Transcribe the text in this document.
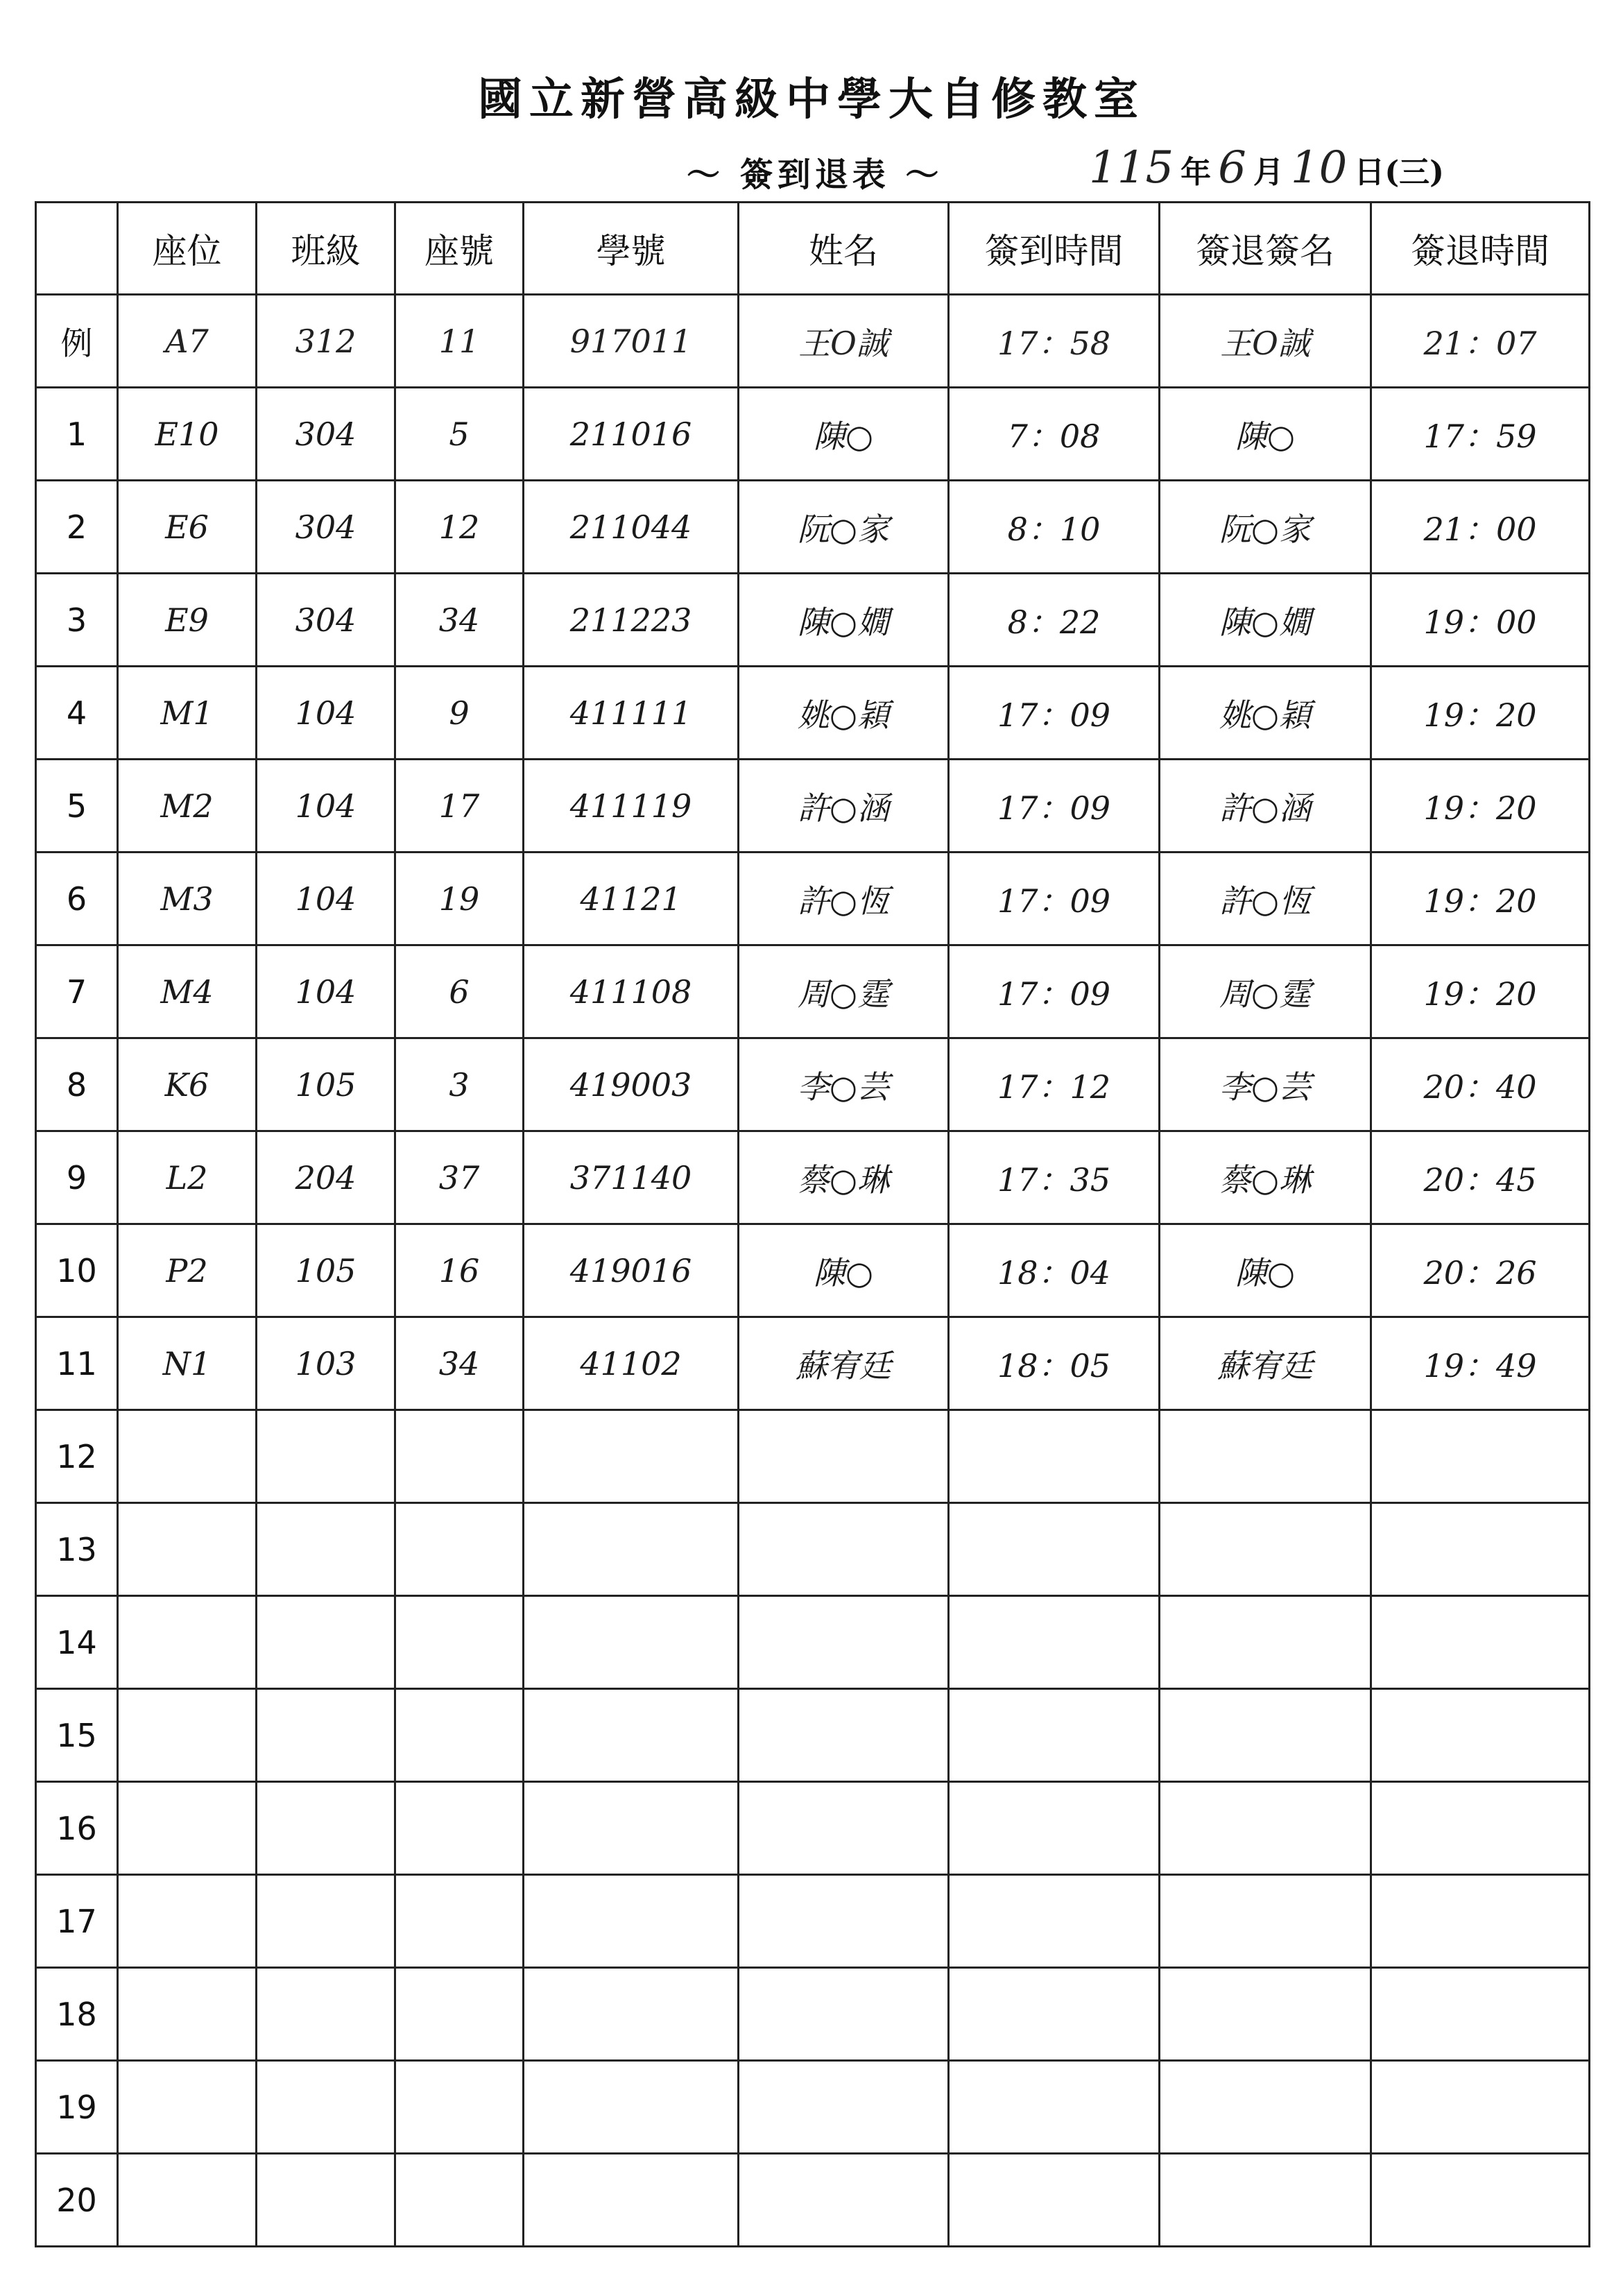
國立新營高級中學大自修教室
～ 簽到退表 ～	115 年 6 月 10 日(三)
	座位	班級	座號	學號	姓名	簽到時間	簽退簽名	簽退時間
例	A7	312	11	917011	王O誠	17：58	王O誠	21：07
1	E10	304	5	211016	陳○	7：08	陳○	17：59
2	E6	304	12	211044	阮○家	8：10	阮○家	21：00
3	E9	304	34	211223	陳○嫺	8：22	陳○嫺	19：00
4	M1	104	9	411111	姚○穎	17：09	姚○穎	19：20
5	M2	104	17	411119	許○涵	17：09	許○涵	19：20
6	M3	104	19	41121	許○恆	17：09	許○恆	19：20
7	M4	104	6	411108	周○霆	17：09	周○霆	19：20
8	K6	105	3	419003	李○芸	17：12	李○芸	20：40
9	L2	204	37	371140	蔡○琳	17：35	蔡○琳	20：45
10	P2	105	16	419016	陳○	18：04	陳○	20：26
11	N1	103	34	41102	蘇宥廷	18：05	蘇宥廷	19：49
12								
13								
14								
15								
16								
17								
18								
19								
20								
